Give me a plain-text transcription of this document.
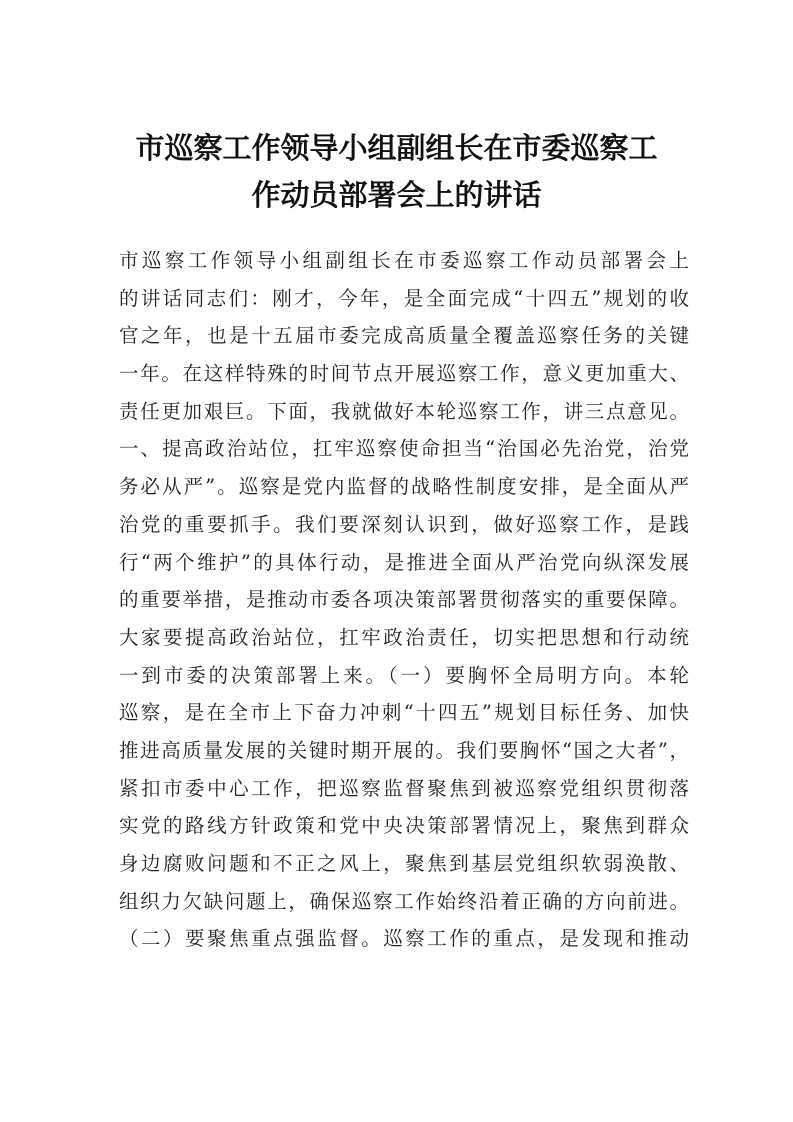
市巡察工作领导小组副组长在市委巡察工
作动员部署会上的讲话
市巡察工作领导小组副组长在市委巡察工作动员部署会上
的讲话同志们：刚才，今年，是全面完成“十四五”规划的收
官之年，也是十五届市委完成高质量全覆盖巡察任务的关键
一年。在这样特殊的时间节点开展巡察工作，意义更加重大、
责任更加艰巨。下面，我就做好本轮巡察工作，讲三点意见。
一、提高政治站位，扛牢巡察使命担当“治国必先治党，治党
务必从严”。巡察是党内监督的战略性制度安排，是全面从严
治党的重要抓手。我们要深刻认识到，做好巡察工作，是践
行“两个维护”的具体行动，是推进全面从严治党向纵深发展
的重要举措，是推动市委各项决策部署贯彻落实的重要保障。
大家要提高政治站位，扛牢政治责任，切实把思想和行动统
一到市委的决策部署上来。（一）要胸怀全局明方向。本轮
巡察，是在全市上下奋力冲刺“十四五”规划目标任务、加快
推进高质量发展的关键时期开展的。我们要胸怀“国之大者”，
紧扣市委中心工作，把巡察监督聚焦到被巡察党组织贯彻落
实党的路线方针政策和党中央决策部署情况上，聚焦到群众
身边腐败问题和不正之风上，聚焦到基层党组织软弱涣散、
组织力欠缺问题上，确保巡察工作始终沿着正确的方向前进。
（二）要聚焦重点强监督。巡察工作的重点，是发现和推动
